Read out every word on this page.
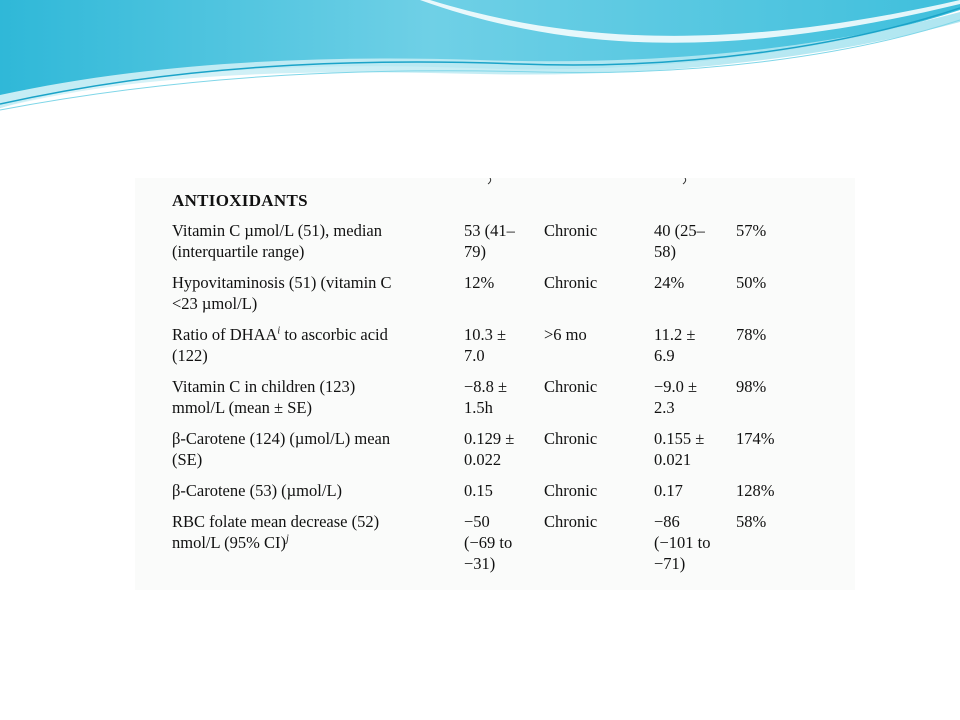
ANTIOXIDANTS
Vitamin C µmol/L (51), median
(interquartile range)	53 (41–
79)	Chronic	40 (25–
58)	57%

Hypovitaminosis (51) (vitamin C
<23 µmol/L)	12%	Chronic	24%	50%

Ratio of DHAA$^i$ to ascorbic acid
(122)	10.3 ±
7.0	>6 mo	11.2 ±
6.9	78%

Vitamin C in children (123)
mmol/L (mean ± SE)	−8.8 ±
1.5h	Chronic	−9.0 ±
2.3	98%

β-Carotene (124) (µmol/L) mean
(SE)	0.129 ±
0.022	Chronic	0.155 ±
0.021	174%

β-Carotene (53) (µmol/L)	0.15	Chronic	0.17	128%

RBC folate mean decrease (52)
nmol/L (95% CI)$^j$	−50
(−69 to
−31)	Chronic	−86
(−101 to
−71)	58%
